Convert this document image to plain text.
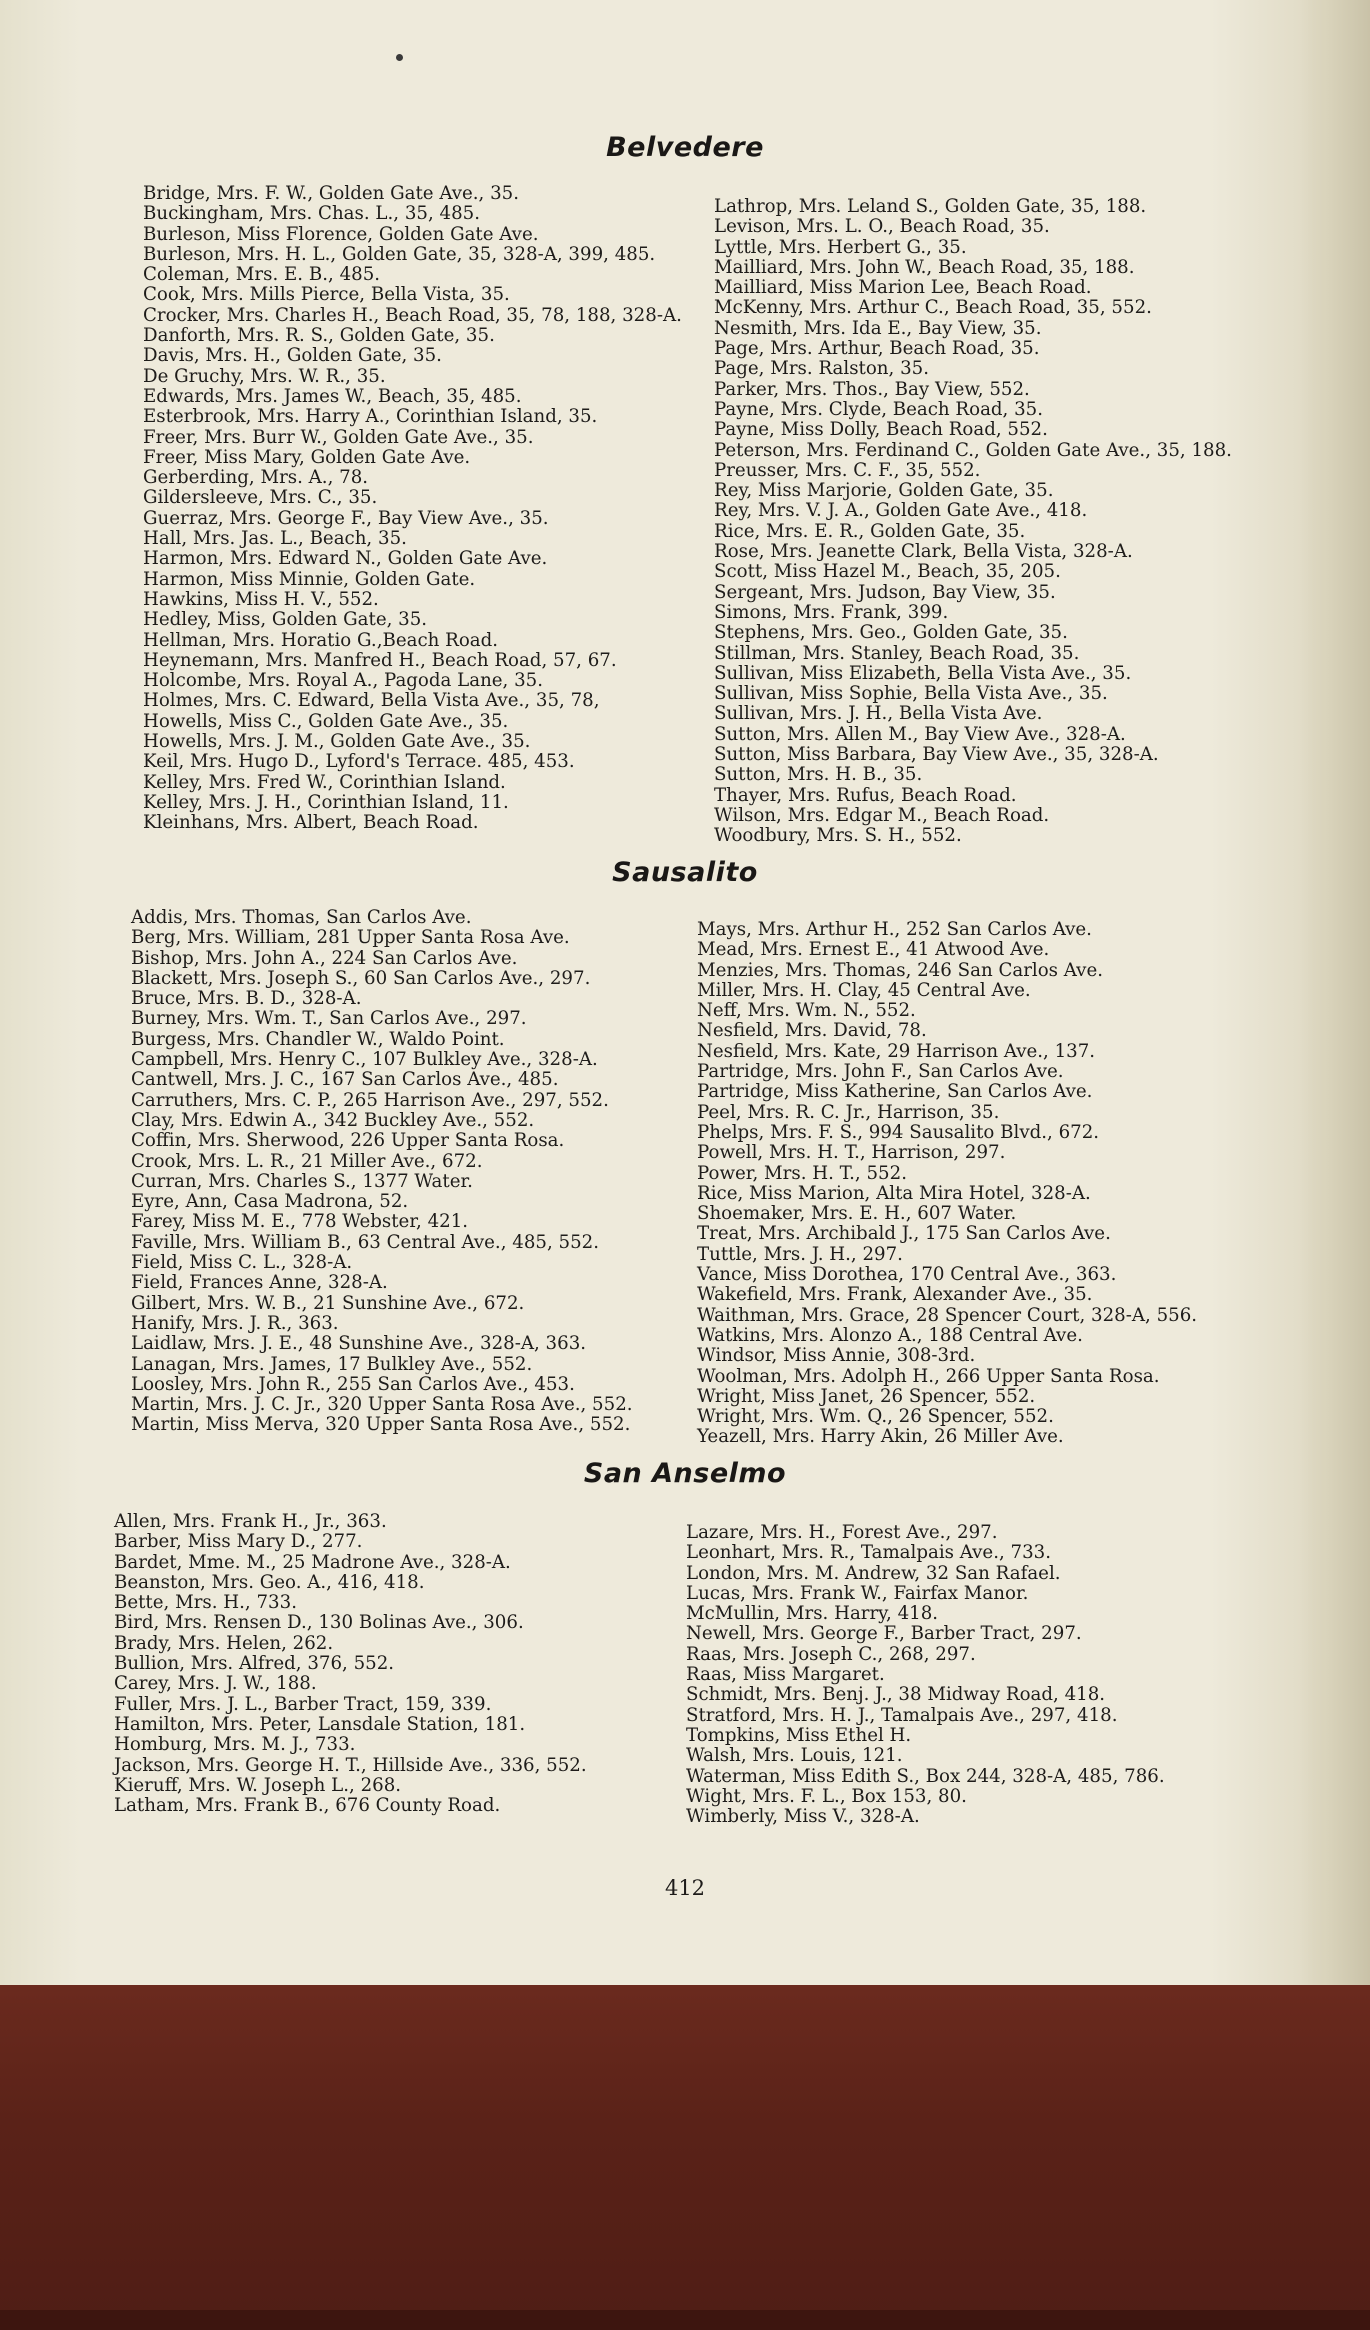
Belvedere
Bridge, Mrs. F. W., Golden Gate Ave., 35.
Buckingham, Mrs. Chas. L., 35, 485.
Burleson, Miss Florence, Golden Gate Ave.
Burleson, Mrs. H. L., Golden Gate, 35, 328-A, 399, 485.
Coleman, Mrs. E. B., 485.
Cook, Mrs. Mills Pierce, Bella Vista, 35.
Crocker, Mrs. Charles H., Beach Road, 35, 78, 188, 328-A.
Danforth, Mrs. R. S., Golden Gate, 35.
Davis, Mrs. H., Golden Gate, 35.
De Gruchy, Mrs. W. R., 35.
Edwards, Mrs. James W., Beach, 35, 485.
Esterbrook, Mrs. Harry A., Corinthian Island, 35.
Freer, Mrs. Burr W., Golden Gate Ave., 35.
Freer, Miss Mary, Golden Gate Ave.
Gerberding, Mrs. A., 78.
Gildersleeve, Mrs. C., 35.
Guerraz, Mrs. George F., Bay View Ave., 35.
Hall, Mrs. Jas. L., Beach, 35.
Harmon, Mrs. Edward N., Golden Gate Ave.
Harmon, Miss Minnie, Golden Gate.
Hawkins, Miss H. V., 552.
Hedley, Miss, Golden Gate, 35.
Hellman, Mrs. Horatio G.,Beach Road.
Heynemann, Mrs. Manfred H., Beach Road, 57, 67.
Holcombe, Mrs. Royal A., Pagoda Lane, 35.
Holmes, Mrs. C. Edward, Bella Vista Ave., 35, 78,
Howells, Miss C., Golden Gate Ave., 35.
Howells, Mrs. J. M., Golden Gate Ave., 35.
Keil, Mrs. Hugo D., Lyford's Terrace. 485, 453.
Kelley, Mrs. Fred W., Corinthian Island.
Kelley, Mrs. J. H., Corinthian Island, 11.
Kleinhans, Mrs. Albert, Beach Road.
Lathrop, Mrs. Leland S., Golden Gate, 35, 188.
Levison, Mrs. L. O., Beach Road, 35.
Lyttle, Mrs. Herbert G., 35.
Mailliard, Mrs. John W., Beach Road, 35, 188.
Mailliard, Miss Marion Lee, Beach Road.
McKenny, Mrs. Arthur C., Beach Road, 35, 552.
Nesmith, Mrs. Ida E., Bay View, 35.
Page, Mrs. Arthur, Beach Road, 35.
Page, Mrs. Ralston, 35.
Parker, Mrs. Thos., Bay View, 552.
Payne, Mrs. Clyde, Beach Road, 35.
Payne, Miss Dolly, Beach Road, 552.
Peterson, Mrs. Ferdinand C., Golden Gate Ave., 35, 188.
Preusser, Mrs. C. F., 35, 552.
Rey, Miss Marjorie, Golden Gate, 35.
Rey, Mrs. V. J. A., Golden Gate Ave., 418.
Rice, Mrs. E. R., Golden Gate, 35.
Rose, Mrs. Jeanette Clark, Bella Vista, 328-A.
Scott, Miss Hazel M., Beach, 35, 205.
Sergeant, Mrs. Judson, Bay View, 35.
Simons, Mrs. Frank, 399.
Stephens, Mrs. Geo., Golden Gate, 35.
Stillman, Mrs. Stanley, Beach Road, 35.
Sullivan, Miss Elizabeth, Bella Vista Ave., 35.
Sullivan, Miss Sophie, Bella Vista Ave., 35.
Sullivan, Mrs. J. H., Bella Vista Ave.
Sutton, Mrs. Allen M., Bay View Ave., 328-A.
Sutton, Miss Barbara, Bay View Ave., 35, 328-A.
Sutton, Mrs. H. B., 35.
Thayer, Mrs. Rufus, Beach Road.
Wilson, Mrs. Edgar M., Beach Road.
Woodbury, Mrs. S. H., 552.
Sausalito
Addis, Mrs. Thomas, San Carlos Ave.
Berg, Mrs. William, 281 Upper Santa Rosa Ave.
Bishop, Mrs. John A., 224 San Carlos Ave.
Blackett, Mrs. Joseph S., 60 San Carlos Ave., 297.
Bruce, Mrs. B. D., 328-A.
Burney, Mrs. Wm. T., San Carlos Ave., 297.
Burgess, Mrs. Chandler W., Waldo Point.
Campbell, Mrs. Henry C., 107 Bulkley Ave., 328-A.
Cantwell, Mrs. J. C., 167 San Carlos Ave., 485.
Carruthers, Mrs. C. P., 265 Harrison Ave., 297, 552.
Clay, Mrs. Edwin A., 342 Buckley Ave., 552.
Coffin, Mrs. Sherwood, 226 Upper Santa Rosa.
Crook, Mrs. L. R., 21 Miller Ave., 672.
Curran, Mrs. Charles S., 1377 Water.
Eyre, Ann, Casa Madrona, 52.
Farey, Miss M. E., 778 Webster, 421.
Faville, Mrs. William B., 63 Central Ave., 485, 552.
Field, Miss C. L., 328-A.
Field, Frances Anne, 328-A.
Gilbert, Mrs. W. B., 21 Sunshine Ave., 672.
Hanify, Mrs. J. R., 363.
Laidlaw, Mrs. J. E., 48 Sunshine Ave., 328-A, 363.
Lanagan, Mrs. James, 17 Bulkley Ave., 552.
Loosley, Mrs. John R., 255 San Carlos Ave., 453.
Martin, Mrs. J. C. Jr., 320 Upper Santa Rosa Ave., 552.
Martin, Miss Merva, 320 Upper Santa Rosa Ave., 552.
Mays, Mrs. Arthur H., 252 San Carlos Ave.
Mead, Mrs. Ernest E., 41 Atwood Ave.
Menzies, Mrs. Thomas, 246 San Carlos Ave.
Miller, Mrs. H. Clay, 45 Central Ave.
Neff, Mrs. Wm. N., 552.
Nesfield, Mrs. David, 78.
Nesfield, Mrs. Kate, 29 Harrison Ave., 137.
Partridge, Mrs. John F., San Carlos Ave.
Partridge, Miss Katherine, San Carlos Ave.
Peel, Mrs. R. C. Jr., Harrison, 35.
Phelps, Mrs. F. S., 994 Sausalito Blvd., 672.
Powell, Mrs. H. T., Harrison, 297.
Power, Mrs. H. T., 552.
Rice, Miss Marion, Alta Mira Hotel, 328-A.
Shoemaker, Mrs. E. H., 607 Water.
Treat, Mrs. Archibald J., 175 San Carlos Ave.
Tuttle, Mrs. J. H., 297.
Vance, Miss Dorothea, 170 Central Ave., 363.
Wakefield, Mrs. Frank, Alexander Ave., 35.
Waithman, Mrs. Grace, 28 Spencer Court, 328-A, 556.
Watkins, Mrs. Alonzo A., 188 Central Ave.
Windsor, Miss Annie, 308-3rd.
Woolman, Mrs. Adolph H., 266 Upper Santa Rosa.
Wright, Miss Janet, 26 Spencer, 552.
Wright, Mrs. Wm. Q., 26 Spencer, 552.
Yeazell, Mrs. Harry Akin, 26 Miller Ave.
San Anselmo
Allen, Mrs. Frank H., Jr., 363.
Barber, Miss Mary D., 277.
Bardet, Mme. M., 25 Madrone Ave., 328-A.
Beanston, Mrs. Geo. A., 416, 418.
Bette, Mrs. H., 733.
Bird, Mrs. Rensen D., 130 Bolinas Ave., 306.
Brady, Mrs. Helen, 262.
Bullion, Mrs. Alfred, 376, 552.
Carey, Mrs. J. W., 188.
Fuller, Mrs. J. L., Barber Tract, 159, 339.
Hamilton, Mrs. Peter, Lansdale Station, 181.
Homburg, Mrs. M. J., 733.
Jackson, Mrs. George H. T., Hillside Ave., 336, 552.
Kieruff, Mrs. W. Joseph L., 268.
Latham, Mrs. Frank B., 676 County Road.
Lazare, Mrs. H., Forest Ave., 297.
Leonhart, Mrs. R., Tamalpais Ave., 733.
London, Mrs. M. Andrew, 32 San Rafael.
Lucas, Mrs. Frank W., Fairfax Manor.
McMullin, Mrs. Harry, 418.
Newell, Mrs. George F., Barber Tract, 297.
Raas, Mrs. Joseph C., 268, 297.
Raas, Miss Margaret.
Schmidt, Mrs. Benj. J., 38 Midway Road, 418.
Stratford, Mrs. H. J., Tamalpais Ave., 297, 418.
Tompkins, Miss Ethel H.
Walsh, Mrs. Louis, 121.
Waterman, Miss Edith S., Box 244, 328-A, 485, 786.
Wight, Mrs. F. L., Box 153, 80.
Wimberly, Miss V., 328-A.
412
